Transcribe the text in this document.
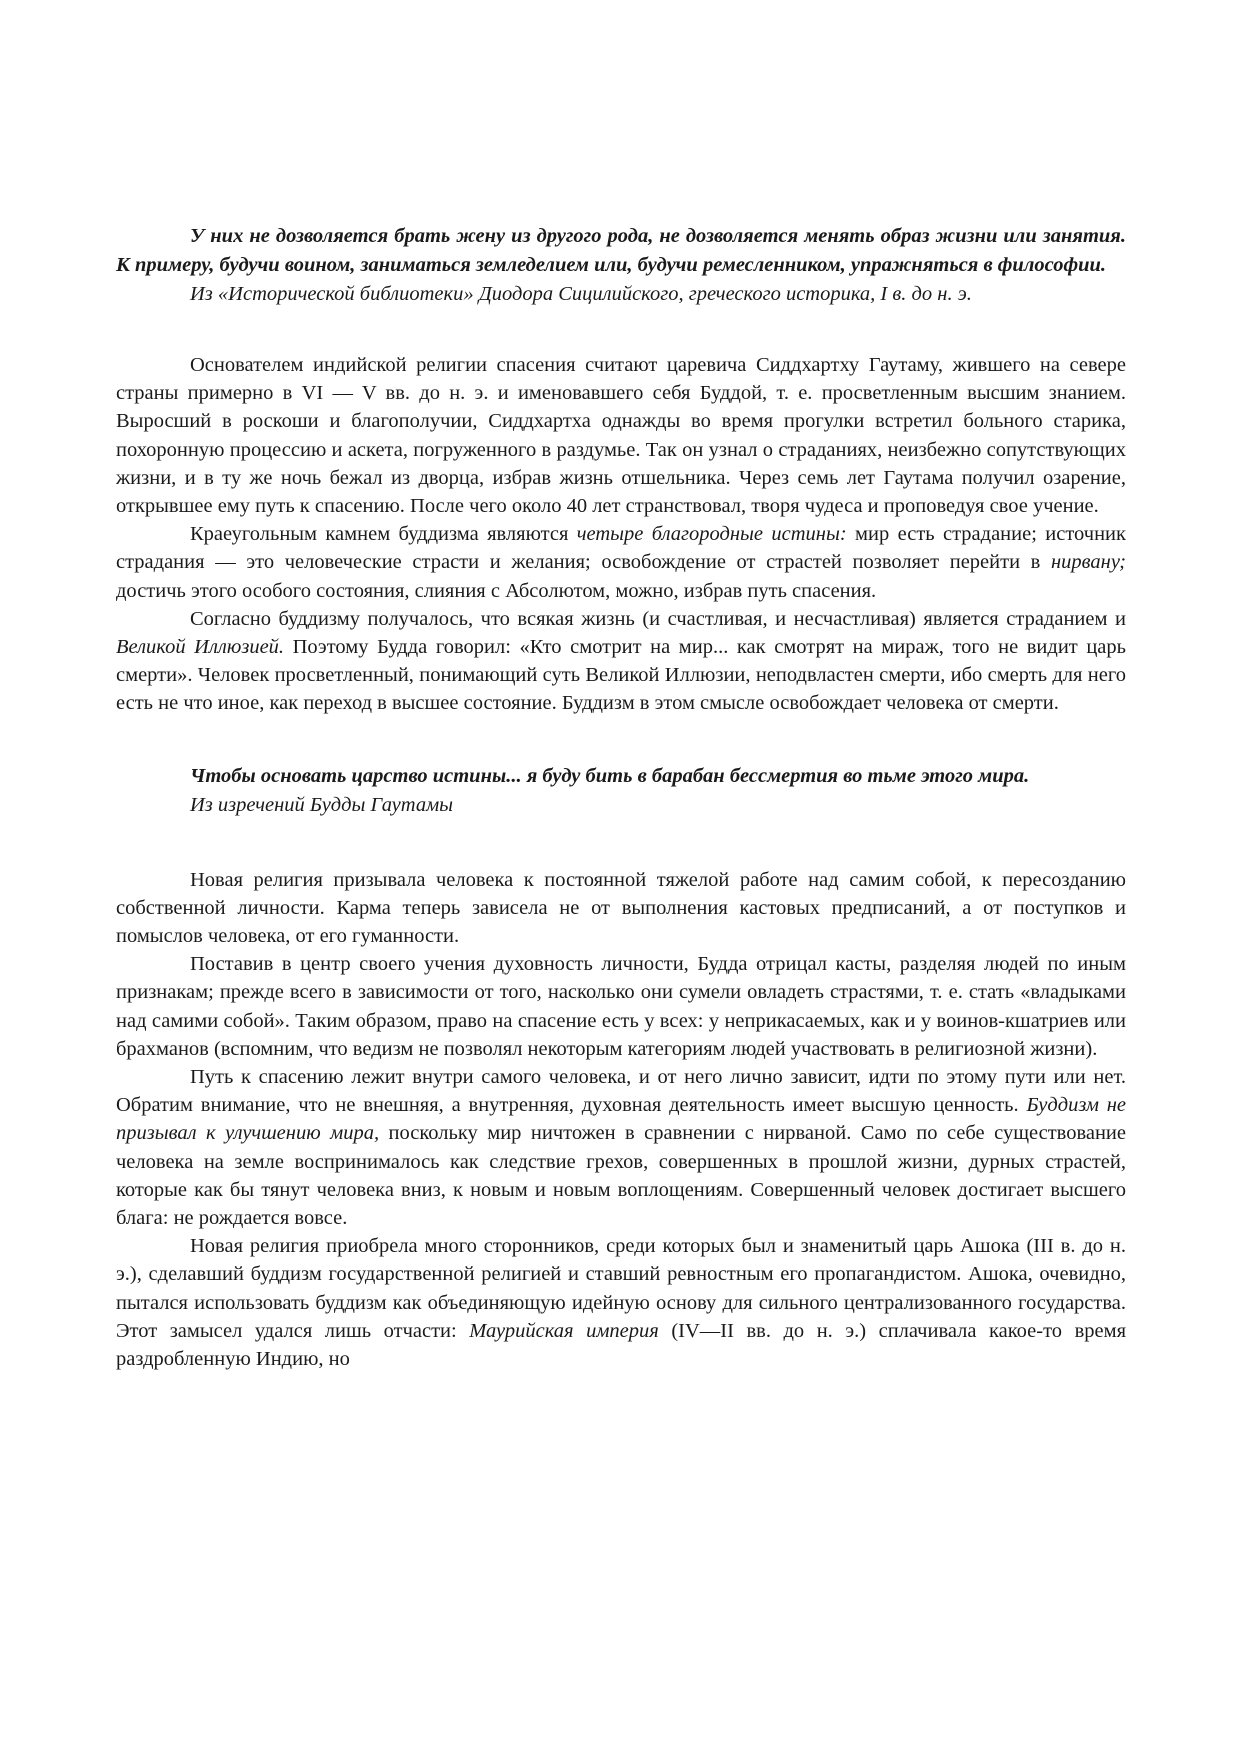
У них не дозволяется брать жену из другого рода, не дозволяется менять образ жизни или занятия. К примеру, будучи воином, заниматься земледелием или, будучи ремесленником, упражняться в философии.

Из «Исторической библиотеки» Диодора Сицилийского, греческого историка, I в. до н. э.

Основателем индийской религии спасения считают царевича Сиддхартху Гаутаму, жившего на севере страны примерно в VI — V вв. до н. э. и именовавшего себя Буддой, т. е. просветленным высшим знанием. Выросший в роскоши и благополучии, Сиддхартха однажды во время прогулки встретил больного старика, похоронную процессию и аскета, погруженного в раздумье. Так он узнал о страданиях, неизбежно сопутствующих жизни, и в ту же ночь бежал из дворца, избрав жизнь отшельника. Через семь лет Гаутама получил озарение, открывшее ему путь к спасению. После чего около 40 лет странствовал, творя чудеса и проповедуя свое учение.

Краеугольным камнем буддизма являются четыре благородные истины: мир есть страдание; источник страдания — это человеческие страсти и желания; освобождение от страстей позволяет перейти в нирвану; достичь этого особого состояния, слияния с Абсолютом, можно, избрав путь спасения.

Согласно буддизму получалось, что всякая жизнь (и счастливая, и несчастливая) является страданием и Великой Иллюзией. Поэтому Будда говорил: «Кто смотрит на мир... как смотрят на мираж, того не видит царь смерти». Человек просветленный, понимающий суть Великой Иллюзии, неподвластен смерти, ибо смерть для него есть не что иное, как переход в высшее состояние. Буддизм в этом смысле освобождает человека от смерти.

Чтобы основать царство истины... я буду бить в барабан бессмертия во тьме этого мира.

Из изречений Будды Гаутамы

Новая религия призывала человека к постоянной тяжелой работе над самим собой, к пересозданию собственной личности. Карма теперь зависела не от выполнения кастовых предписаний, а от поступков и помыслов человека, от его гуманности.

Поставив в центр своего учения духовность личности, Будда отрицал касты, разделяя людей по иным признакам; прежде всего в зависимости от того, насколько они сумели овладеть страстями, т. е. стать «владыками над самими собой». Таким образом, право на спасение есть у всех: у неприкасаемых, как и у воинов-кшатриев или брахманов (вспомним, что ведизм не позволял некоторым категориям людей участвовать в религиозной жизни).

Путь к спасению лежит внутри самого человека, и от него лично зависит, идти по этому пути или нет. Обратим внимание, что не внешняя, а внутренняя, духовная деятельность имеет высшую ценность. Буддизм не призывал к улучшению мира, поскольку мир ничтожен в сравнении с нирваной. Само по себе существование человека на земле воспринималось как следствие грехов, совершенных в прошлой жизни, дурных страстей, которые как бы тянут человека вниз, к новым и новым воплощениям. Совершенный человек достигает высшего блага: не рождается вовсе.

Новая религия приобрела много сторонников, среди которых был и знаменитый царь Ашока (III в. до н. э.), сделавший буддизм государственной религией и ставший ревностным его пропагандистом. Ашока, очевидно, пытался использовать буддизм как объединяющую идейную основу для сильного централизованного государства. Этот замысел удался лишь отчасти: Маурийская империя (IV—II вв. до н. э.) сплачивала какое-то время раздробленную Индию, но
